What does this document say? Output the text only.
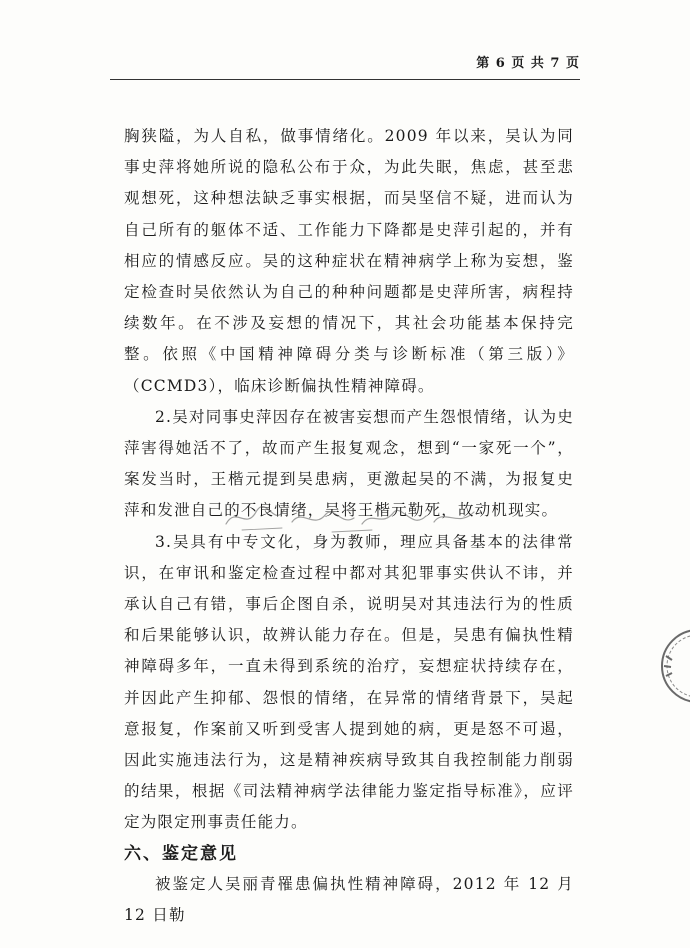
第 6 页 共 7 页

胸狭隘，为人自私，做事情绪化。2009 年以来，吴认为同事史萍将她所说的隐私公布于众，为此失眠，焦虑，甚至悲观想死，这种想法缺乏事实根据，而吴坚信不疑，进而认为自己所有的躯体不适、工作能力下降都是史萍引起的，并有相应的情感反应。吴的这种症状在精神病学上称为妄想，鉴定检查时吴依然认为自己的种种问题都是史萍所害，病程持续数年。在不涉及妄想的情况下，其社会功能基本保持完整。依照《中国精神障碍分类与诊断标准（第三版）》（CCMD3），临床诊断偏执性精神障碍。

2.吴对同事史萍因存在被害妄想而产生怨恨情绪，认为史萍害得她活不了，故而产生报复观念，想到“一家死一个”，案发当时，王楷元提到吴患病，更激起吴的不满，为报复史萍和发泄自己的不良情绪，吴将王楷元勒死，故动机现实。

3.吴具有中专文化，身为教师，理应具备基本的法律常识，在审讯和鉴定检查过程中都对其犯罪事实供认不讳，并承认自己有错，事后企图自杀，说明吴对其违法行为的性质和后果能够认识，故辨认能力存在。但是，吴患有偏执性精神障碍多年，一直未得到系统的治疗，妄想症状持续存在，并因此产生抑郁、怨恨的情绪，在异常的情绪背景下，吴起意报复，作案前又听到受害人提到她的病，更是怒不可遏，因此实施违法行为，这是精神疾病导致其自我控制能力削弱的结果，根据《司法精神病学法律能力鉴定指导标准》，应评定为限定刑事责任能力。

六、鉴定意见

被鉴定人吴丽青罹患偏执性精神障碍，2012 年 12 月 12 日勒
